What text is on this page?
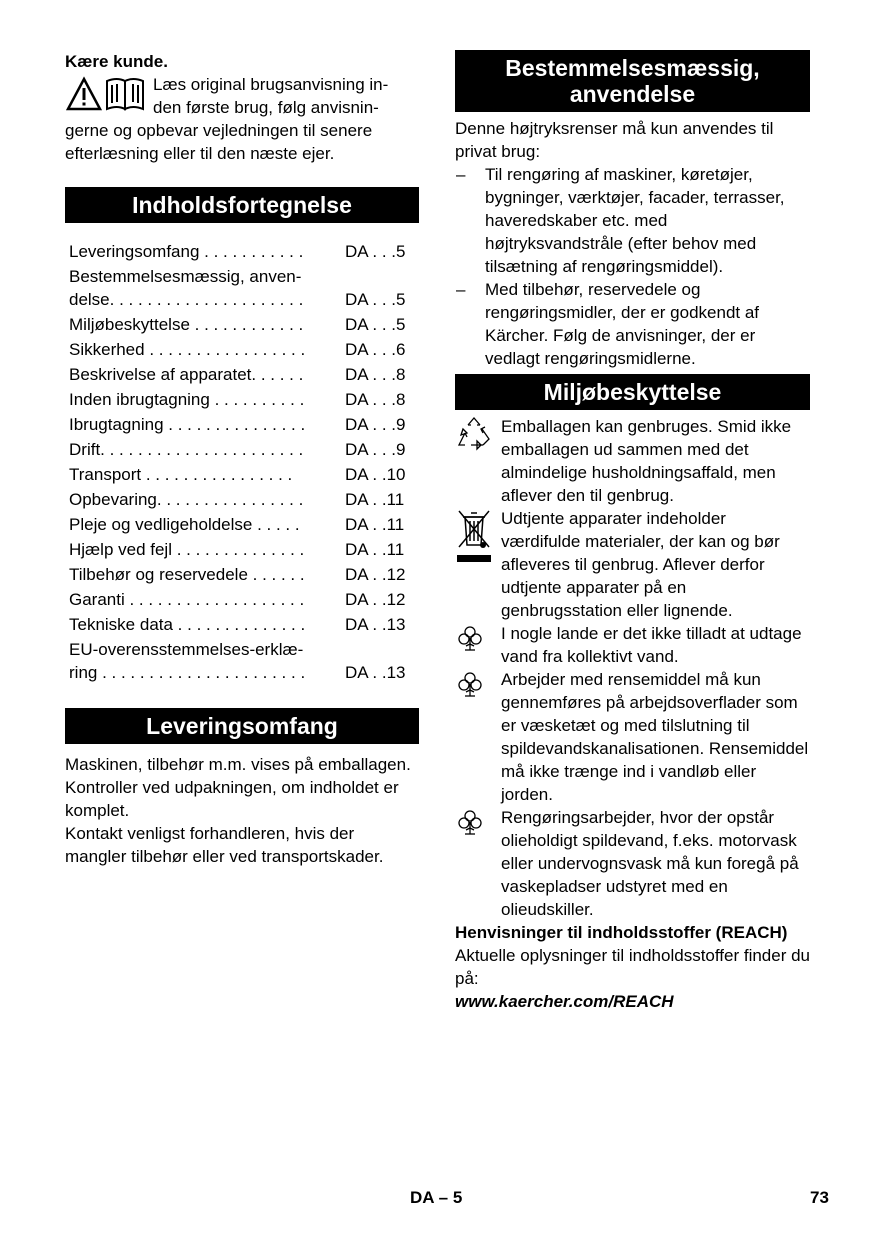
Kære kunde.

Læs original brugsanvisning in-

den første brug, følg anvisnin-

gerne og opbevar vejledningen til senere efterlæsning eller til den næste ejer.

Indholdsfortegnelse
Leveringsomfang . . . . . . . . . . .	DA . . .5
Bestemmelsesmæssig, anven-
delse. . . . . . . . . . . . . . . . . . . . .	DA . . .5
Miljøbeskyttelse . . . . . . . . . . . .	DA . . .5
Sikkerhed . . . . . . . . . . . . . . . . .	DA . . .6
Beskrivelse af apparatet. . . . . .	DA . . .8
Inden ibrugtagning . . . . . . . . . .	DA . . .8
Ibrugtagning . . . . . . . . . . . . . . .	DA . . .9
Drift. . . . . . . . . . . . . . . . . . . . . .	DA . . .9
Transport . . . . . . . . . . . . . . . .	DA . .10
Opbevaring. . . . . . . . . . . . . . . .	DA . .11
Pleje og vedligeholdelse . . . . .	DA . .11
Hjælp ved fejl . . . . . . . . . . . . . .	DA . .11
Tilbehør og reservedele . . . . . .	DA . .12
Garanti . . . . . . . . . . . . . . . . . . .	DA . .12
Tekniske data . . . . . . . . . . . . . .	DA . .13
EU-overensstemmelses-erklæ-
ring . . . . . . . . . . . . . . . . . . . . . .	DA . .13
Leveringsomfang

Maskinen, tilbehør m.m. vises på emballagen. Kontroller ved udpakningen, om indholdet er komplet.

Kontakt venligst forhandleren, hvis der mangler tilbehør eller ved transportskader.

Bestemmelsesmæssig,
anvendelse

Denne højtryksrenser må kun anvendes til privat brug:

–	Til rengøring af maskiner, køretøjer, bygninger, værktøjer, facader, terrasser, haveredskaber etc. med højtryksvandstråle (efter behov med tilsætning af rengøringsmiddel).
–	Med tilbehør, reservedele og rengøringsmidler, der er godkendt af Kärcher. Følg de anvisninger, der er vedlagt rengøringsmidlerne.
Miljøbeskyttelse
Emballagen kan genbruges. Smid ikke emballagen ud sammen med det almindelige husholdningsaffald, men aflever den til genbrug.
Udtjente apparater indeholder værdifulde materialer, der kan og bør afleveres til genbrug. Aflever derfor udtjente apparater på en genbrugsstation eller lignende.
I nogle lande er det ikke tilladt at udtage vand fra kollektivt vand.
Arbejder med rensemiddel må kun gennemføres på arbejdsoverflader som er væsketæt og med tilslutning til spildevandskanalisationen. Rensemiddel må ikke trænge ind i vandløb eller jorden.
Rengøringsarbejder, hvor der opstår olieholdigt spildevand, f.eks. motorvask eller undervognsvask må kun foregå på vaskepladser udstyret med en olieudskiller.

Henvisninger til indholdsstoffer (REACH)

Aktuelle oplysninger til indholdsstoffer finder du på:

www.kaercher.com/REACH

DA – 5	73
